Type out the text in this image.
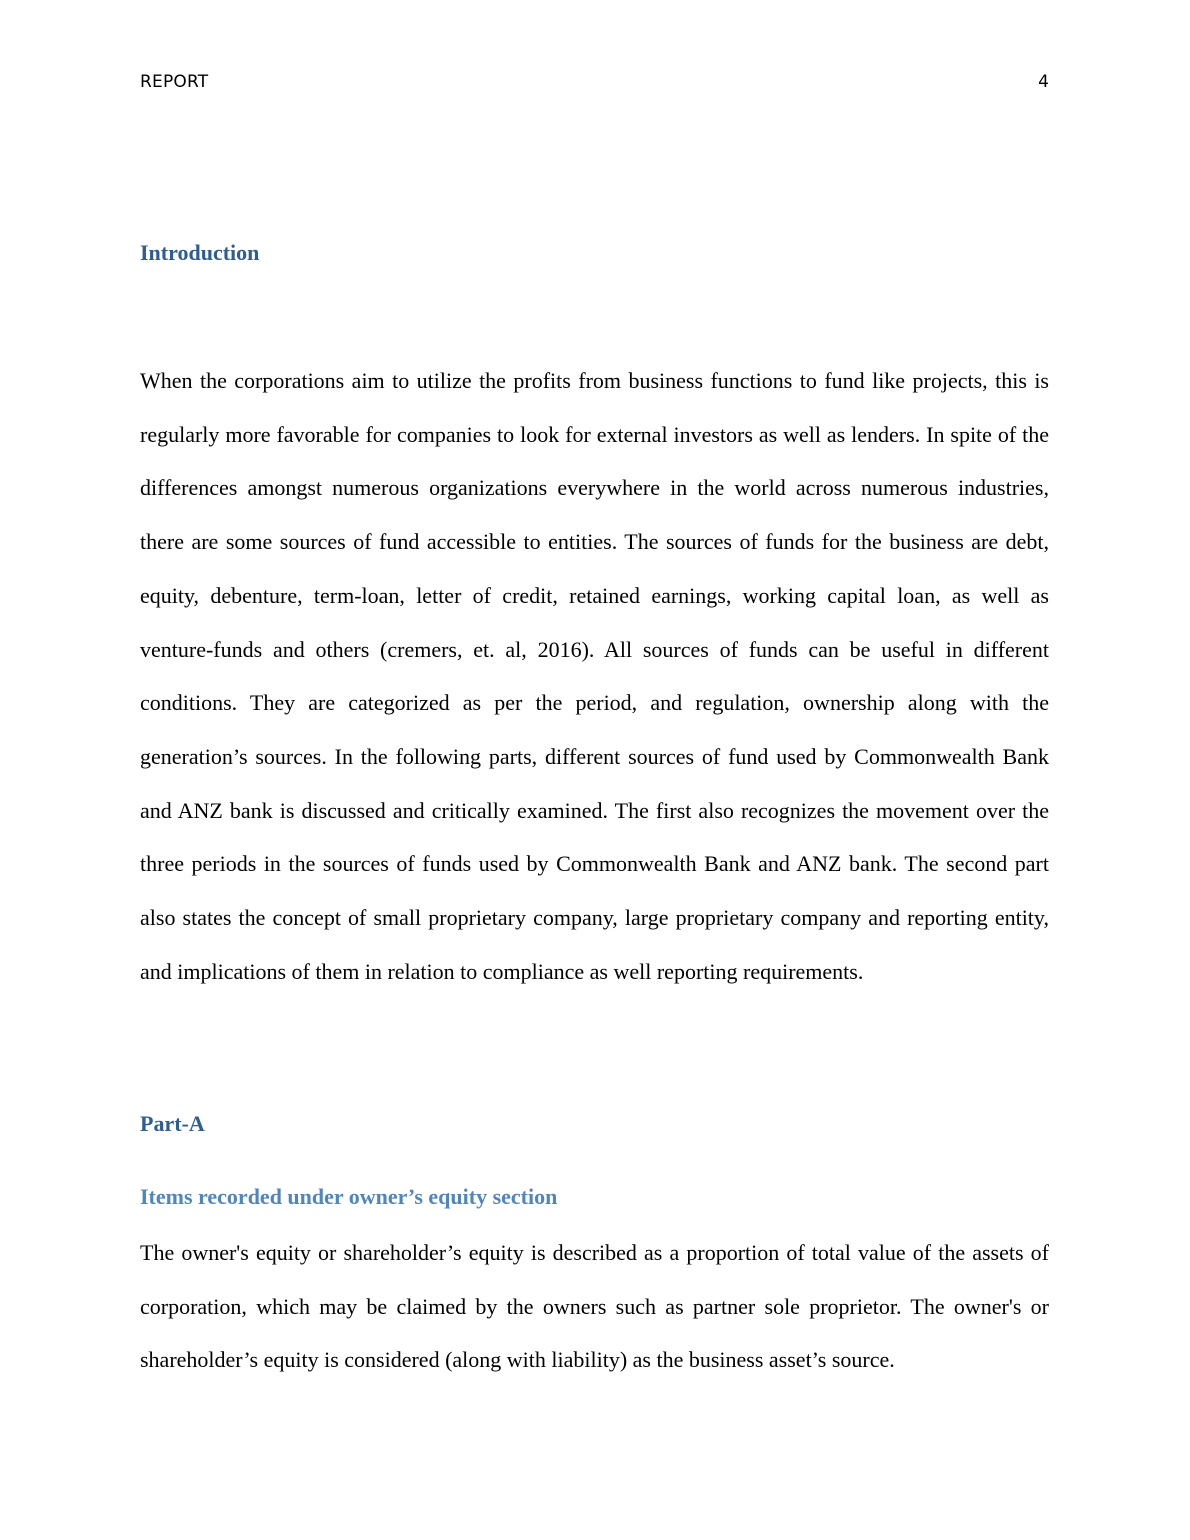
REPORT	4
Introduction

When the corporations aim to utilize the profits from business functions to fund like projects, this is regularly more favorable for companies to look for external investors as well as lenders. In spite of the differences amongst numerous organizations everywhere in the world across numerous industries, there are some sources of fund accessible to entities. The sources of funds for the business are debt, equity, debenture, term-loan, letter of credit, retained earnings, working capital loan, as well as venture-funds and others (cremers, et. al, 2016). All sources of funds can be useful in different conditions. They are categorized as per the period, and regulation, ownership along with the generation’s sources. In the following parts, different sources of fund used by Commonwealth Bank and ANZ bank is discussed and critically examined. The first also recognizes the movement over the three periods in the sources of funds used by Commonwealth Bank and ANZ bank. The second part also states the concept of small proprietary company, large proprietary company and reporting entity, and implications of them in relation to compliance as well reporting requirements.

Part-A
Items recorded under owner’s equity section

The owner's equity or shareholder’s equity is described as a proportion of total value of the assets of corporation, which may be claimed by the owners such as partner sole proprietor. The owner's or shareholder’s equity is considered (along with liability) as the business asset’s source.
